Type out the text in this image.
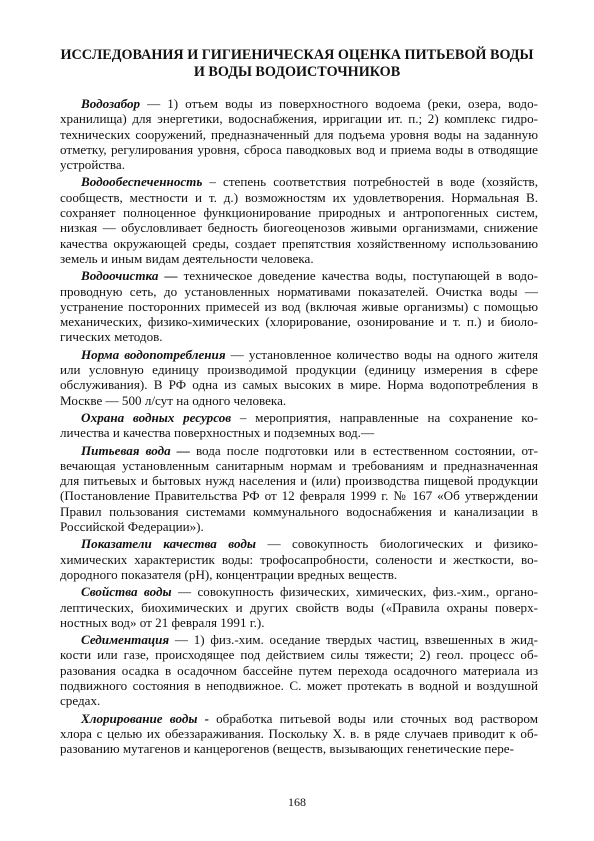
ИССЛЕДОВАНИЯ И ГИГИЕНИЧЕСКАЯ ОЦЕНКА ПИТЬЕВОЙ ВОДЫ И ВОДЫ ВОДОИСТОЧНИКОВ

Водозабор — 1) отъем воды из поверхностного водоема (реки, озера, водохранилища) для энергетики, водоснабжения, ирригации ит. п.; 2) комплекс гидротехнических сооружений, предназначенный для подъема уровня воды на заданную отметку, регулирования уровня, сброса паводковых вод и приема воды в отводящие устройства.

Водообеспеченность – степень соответствия потребностей в воде (хозяйств, сообществ, местности и т. д.) возможностям их удовлетворения. Нормальная В. сохраняет полноценное функционирование природных и антропогенных систем, низкая — обусловливает бедность биогеоценозов живыми организмами, снижение качества окружающей среды, создает препятствия хозяйственному использованию земель и иным видам деятельности человека.

Водоочистка — техническое доведение качества воды, поступающей в водопроводную сеть, до установленных нормативами показателей. Очистка воды — устранение посторонних примесей из вод (включая живые организмы) с помощью механических, физико-химических (хлорирование, озонирование и т. п.) и биологических методов.

Норма водопотребления — установленное количество воды на одного жителя или условную единицу производимой продукции (единицу измерения в сфере обслуживания). В РФ одна из самых высоких в мире. Норма водопотребления в Москве — 500 л/сут на одного человека.

Охрана водных ресурсов – мероприятия, направленные на сохранение количества и качества поверхностных и подземных вод.—

Питьевая вода — вода после подготовки или в естественном состоянии, отвечающая установленным санитарным нормам и требованиям и предназначенная для питьевых и бытовых нужд населения и (или) производства пищевой продукции (Постановление Правительства РФ от 12 февраля 1999 г. № 167 «Об утверждении Правил пользования системами коммунального водоснабжения и канализации в Российской Федерации»).

Показатели качества воды — совокупность биологических и физикохимических характеристик воды: трофосапробности, солености и жесткости, водородного показателя (рН), концентрации вредных веществ.

Свойства воды — совокупность физических, химических, физ.-хим., органолептических, биохимических и других свойств воды («Правила охраны поверхностных вод» от 21 февраля 1991 г.).

Седиментация — 1) физ.-хим. оседание твердых частиц, взвешенных в жидкости или газе, происходящее под действием силы тяжести; 2) геол. процесс образования осадка в осадочном бассейне путем перехода осадочного материала из подвижного состояния в неподвижное. С. может протекать в водной и воздушной средах.

Хлорирование воды - обработка питьевой воды или сточных вод раствором хлора с целью их обеззараживания. Поскольку X. в. в ряде случаев приводит к образованию мутагенов и канцерогенов (веществ, вызывающих генетические пере-

168
